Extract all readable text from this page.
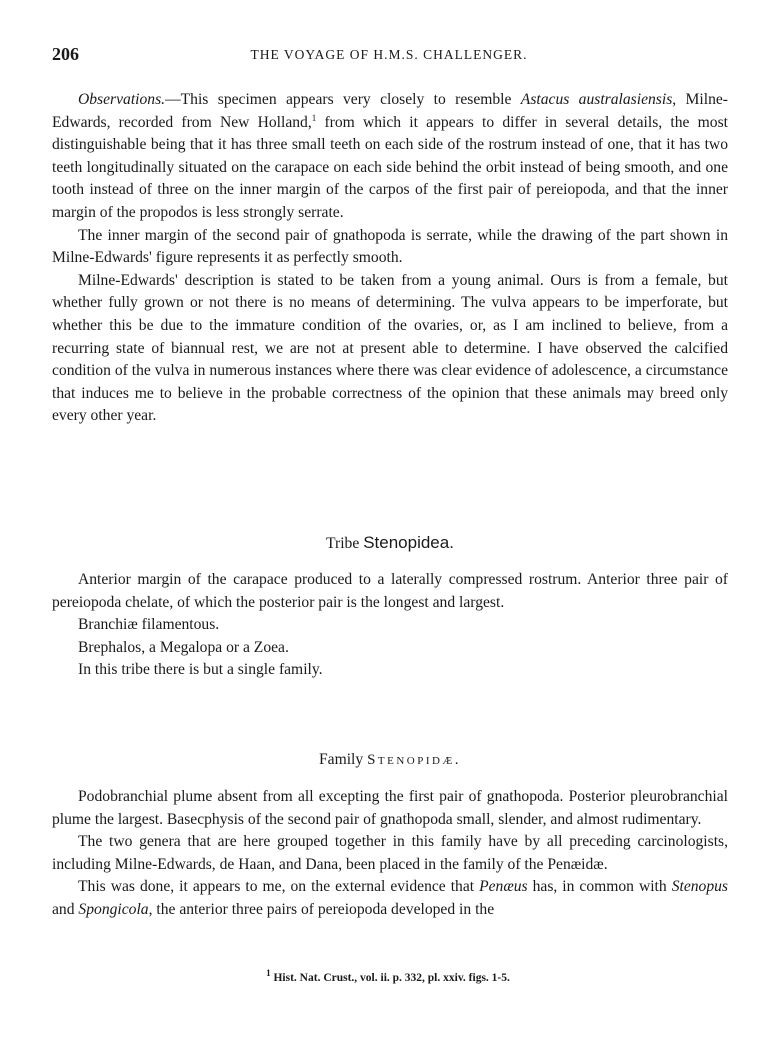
206	THE VOYAGE OF H.M.S. CHALLENGER.

Observations.—This specimen appears very closely to resemble Astacus australasiensis, Milne-Edwards, recorded from New Holland,$^1$ from which it appears to differ in several details, the most distinguishable being that it has three small teeth on each side of the rostrum instead of one, that it has two teeth longitudinally situated on the carapace on each side behind the orbit instead of being smooth, and one tooth instead of three on the inner margin of the carpos of the first pair of pereiopoda, and that the inner margin of the propodos is less strongly serrate.

The inner margin of the second pair of gnathopoda is serrate, while the drawing of the part shown in Milne-Edwards' figure represents it as perfectly smooth.

Milne-Edwards' description is stated to be taken from a young animal. Ours is from a female, but whether fully grown or not there is no means of determining. The vulva appears to be imperforate, but whether this be due to the immature condition of the ovaries, or, as I am inclined to believe, from a recurring state of biannual rest, we are not at present able to determine. I have observed the calcified condition of the vulva in numerous instances where there was clear evidence of adolescence, a circumstance that induces me to believe in the probable correctness of the opinion that these animals may breed only every other year.

Tribe Stenopidea.

Anterior margin of the carapace produced to a laterally compressed rostrum. Anterior three pair of pereiopoda chelate, of which the posterior pair is the longest and largest.

Branchiæ filamentous.

Brephalos, a Megalopa or a Zoea.

In this tribe there is but a single family.

Family Stenopidæ.

Podobranchial plume absent from all excepting the first pair of gnathopoda. Posterior pleurobranchial plume the largest. Basecphysis of the second pair of gnathopoda small, slender, and almost rudimentary.

The two genera that are here grouped together in this family have by all preceding carcinologists, including Milne-Edwards, de Haan, and Dana, been placed in the family of the Penæidæ.

This was done, it appears to me, on the external evidence that Penæus has, in common with Stenopus and Spongicola, the anterior three pairs of pereiopoda developed in the

$^1$ Hist. Nat. Crust., vol. ii. p. 332, pl. xxiv. figs. 1-5.
